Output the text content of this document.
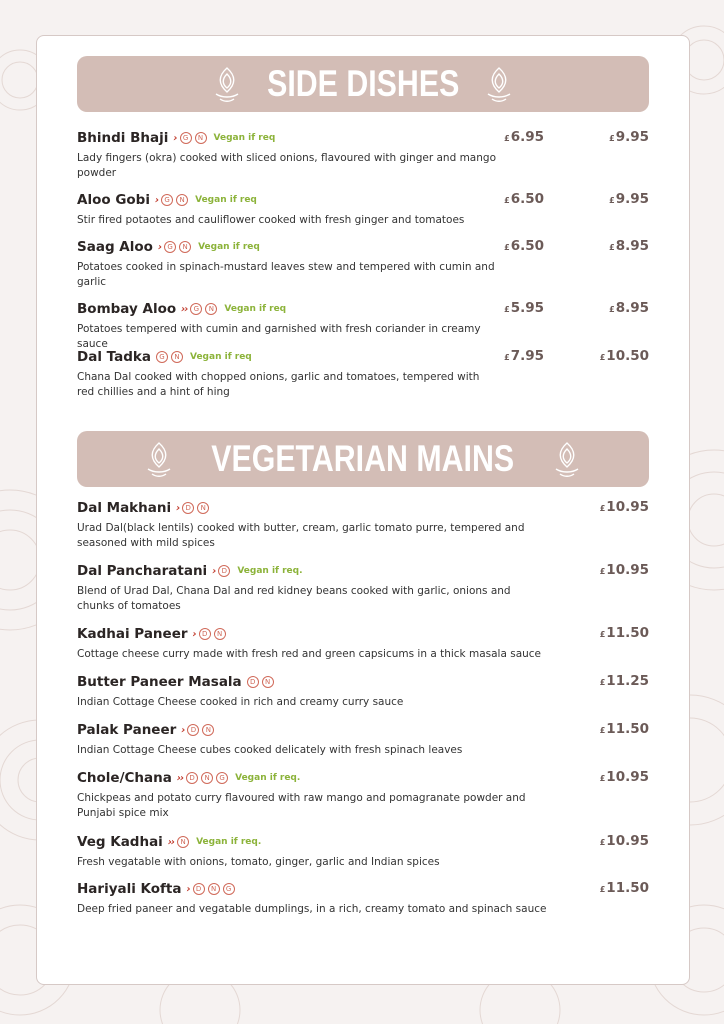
SIDE DISHES
Bhindi Bhaji › G	N	Vegan if req
Lady fingers (okra) cooked with sliced onions, flavoured with ginger and mango powder
£6.95	£9.95
Aloo Gobi › G	N	Vegan if req
Stir fired potaotes and cauliflower cooked with fresh ginger and tomatoes
£6.50	£9.95
Saag Aloo › G	N	Vegan if req
Potatoes cooked in spinach-mustard leaves stew and tempered with cumin and garlic
£6.50	£8.95
Bombay Aloo ›› G	N	Vegan if req
Potatoes tempered with cumin and garnished with fresh coriander in creamy sauce
£5.95	£8.95
Dal Tadka	G	N	Vegan if req
Chana Dal cooked with chopped onions, garlic and tomatoes, tempered with red chillies and a hint of hing
£7.95	£10.50
VEGETARIAN MAINS
Dal Makhani › D	N
Urad Dal(black lentils) cooked with butter, cream, garlic tomato purre, tempered and seasoned with mild spices
£10.95
Dal Pancharatani › D	Vegan if req.
Blend of Urad Dal, Chana Dal and red kidney beans cooked with garlic, onions and chunks of tomatoes
£10.95
Kadhai Paneer › D	N
Cottage cheese curry made with fresh red and green capsicums in a thick masala sauce
£11.50
Butter Paneer Masala	D	N
Indian Cottage Cheese cooked in rich and creamy curry sauce
£11.25
Palak Paneer › D	N
Indian Cottage Cheese cubes cooked delicately with fresh spinach leaves
£11.50
Chole/Chana ›› D	N	G	Vegan if req.
Chickpeas and potato curry flavoured with raw mango and pomagranate powder and Punjabi spice mix
£10.95
Veg Kadhai ›› N	Vegan if req.
Fresh vegatable with onions, tomato, ginger, garlic and Indian spices
£10.95
Hariyali Kofta › D	N	G
Deep fried paneer and vegatable dumplings, in a rich, creamy tomato and spinach sauce
£11.50
